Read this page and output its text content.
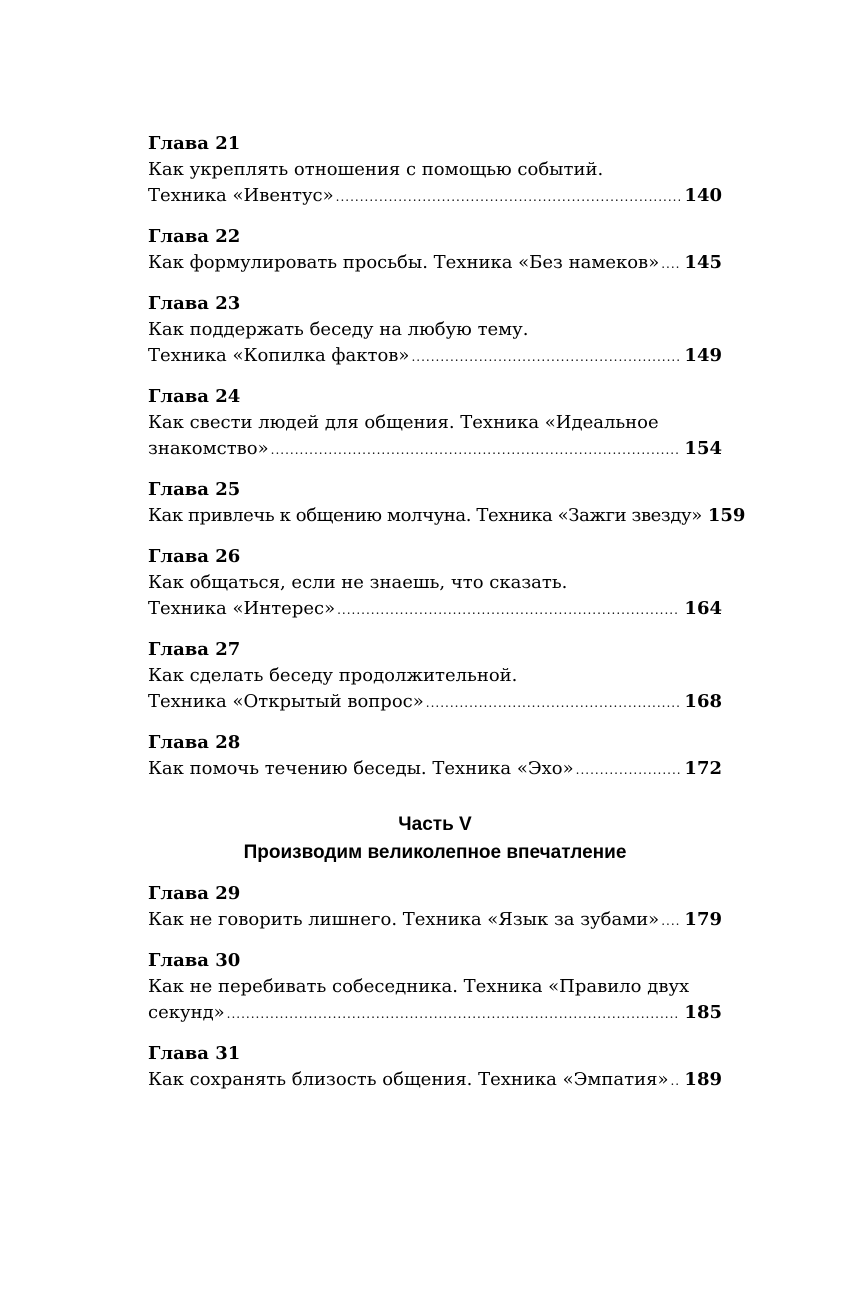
Глава 21
Как укреплять отношения с помощью событий.
Техника «Ивентус» .....	140
Глава 22
Как формулировать просьбы. Техника «Без намеков» ..... 145
Глава 23
Как поддержать беседу на любую тему.
Техника «Копилка фактов» .....	149
Глава 24
Как свести людей для общения. Техника «Идеальное
знакомство» .....	154
Глава 25
Как привлечь к общению молчуна. Техника «Зажги звезду» 159
Глава 26
Как общаться, если не знаешь, что сказать.
Техника «Интерес» .....	164
Глава 27
Как сделать беседу продолжительной.
Техника «Открытый вопрос» .....	168
Глава 28
Как помочь течению беседы. Техника «Эхо» .....	172
Часть V
Производим великолепное впечатление
Глава 29
Как не говорить лишнего. Техника «Язык за зубами» ..... 179
Глава 30
Как не перебивать собеседника. Техника «Правило двух
секунд» .....	185
Глава 31
Как сохранять близость общения. Техника «Эмпатия» ..... 189
